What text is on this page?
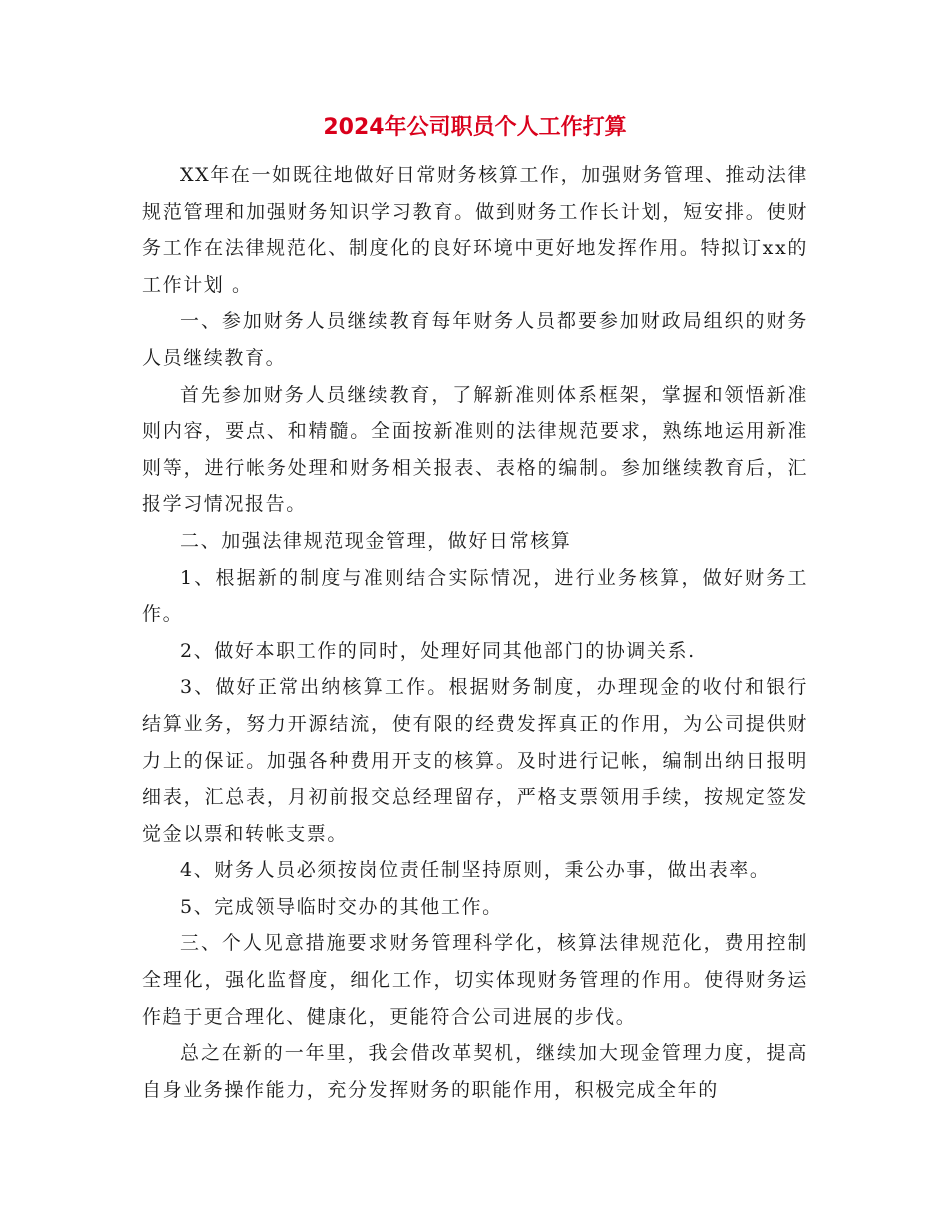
2024年公司职员个人工作打算

XX年在一如既往地做好日常财务核算工作，加强财务管理、推动法律规范管理和加强财务知识学习教育。做到财务工作长计划，短安排。使财务工作在法律规范化、制度化的良好环境中更好地发挥作用。特拟订xx的 工作计划 。

一、参加财务人员继续教育每年财务人员都要参加财政局组织的财务人员继续教育。

首先参加财务人员继续教育，了解新准则体系框架，掌握和领悟新准则内容，要点、和精髓。全面按新准则的法律规范要求，熟练地运用新准则等，进行帐务处理和财务相关报表、表格的编制。参加继续教育后，汇报学习情况报告。

二、加强法律规范现金管理，做好日常核算

1、根据新的制度与准则结合实际情况，进行业务核算，做好财务工作。

2、做好本职工作的同时，处理好同其他部门的协调关系.

3、做好正常出纳核算工作。根据财务制度，办理现金的收付和银行结算业务，努力开源结流，使有限的经费发挥真正的作用，为公司提供财力上的保证。加强各种费用开支的核算。及时进行记帐，编制出纳日报明细表，汇总表，月初前报交总经理留存，严格支票领用手续，按规定签发觉金以票和转帐支票。

4、财务人员必须按岗位责任制坚持原则，秉公办事，做出表率。

5、完成领导临时交办的其他工作。

三、个人见意措施要求财务管理科学化，核算法律规范化，费用控制全理化，强化监督度，细化工作，切实体现财务管理的作用。使得财务运作趋于更合理化、健康化，更能符合公司进展的步伐。

总之在新的一年里，我会借改革契机，继续加大现金管理力度，提高自身业务操作能力，充分发挥财务的职能作用，积极完成全年的
